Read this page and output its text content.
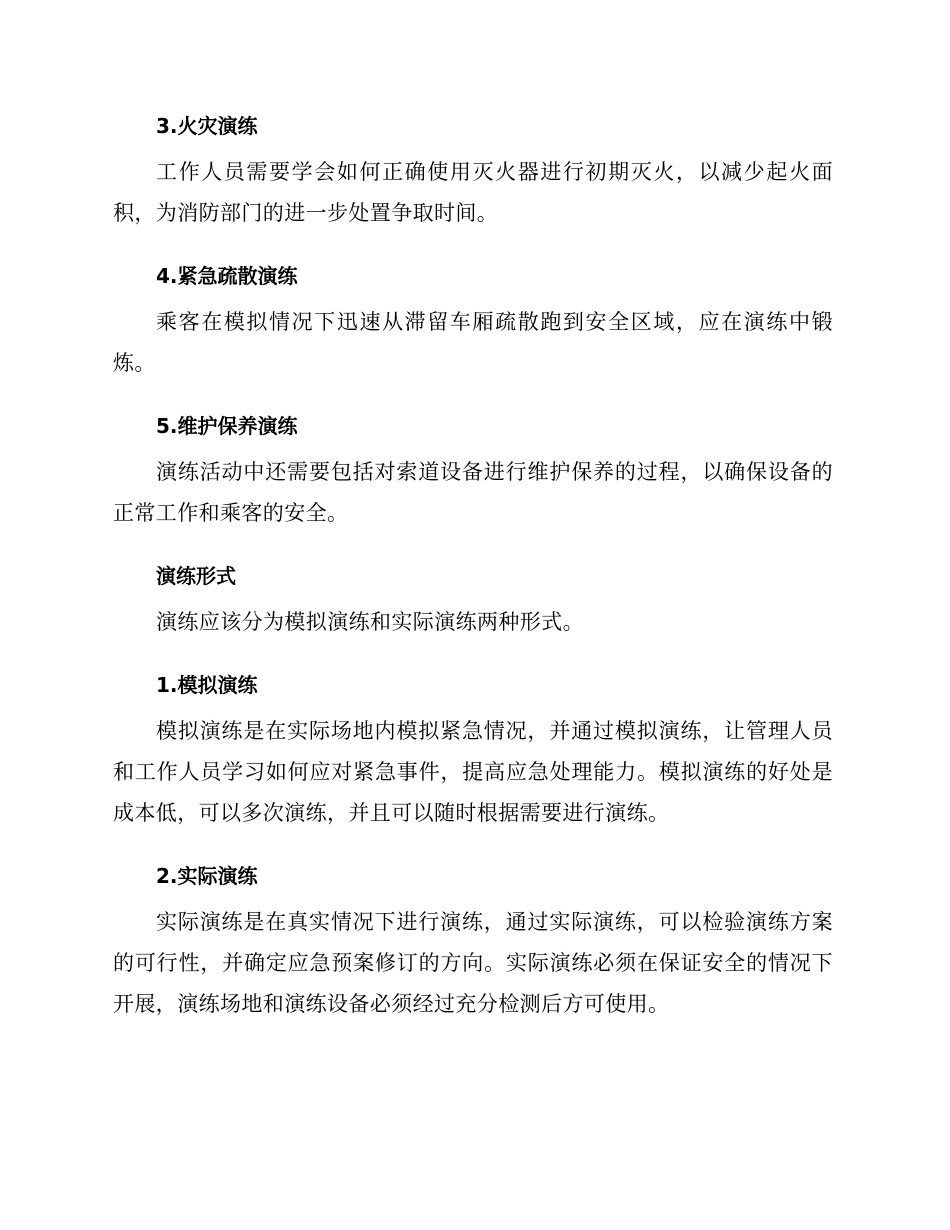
3.火灾演练

工作人员需要学会如何正确使用灭火器进行初期灭火，以减少起火面积，为消防部门的进一步处置争取时间。

4.紧急疏散演练

乘客在模拟情况下迅速从滞留车厢疏散跑到安全区域，应在演练中锻炼。

5.维护保养演练

演练活动中还需要包括对索道设备进行维护保养的过程，以确保设备的正常工作和乘客的安全。

演练形式

演练应该分为模拟演练和实际演练两种形式。

1.模拟演练

模拟演练是在实际场地内模拟紧急情况，并通过模拟演练，让管理人员和工作人员学习如何应对紧急事件，提高应急处理能力。模拟演练的好处是成本低，可以多次演练，并且可以随时根据需要进行演练。

2.实际演练

实际演练是在真实情况下进行演练，通过实际演练，可以检验演练方案的可行性，并确定应急预案修订的方向。实际演练必须在保证安全的情况下开展，演练场地和演练设备必须经过充分检测后方可使用。
